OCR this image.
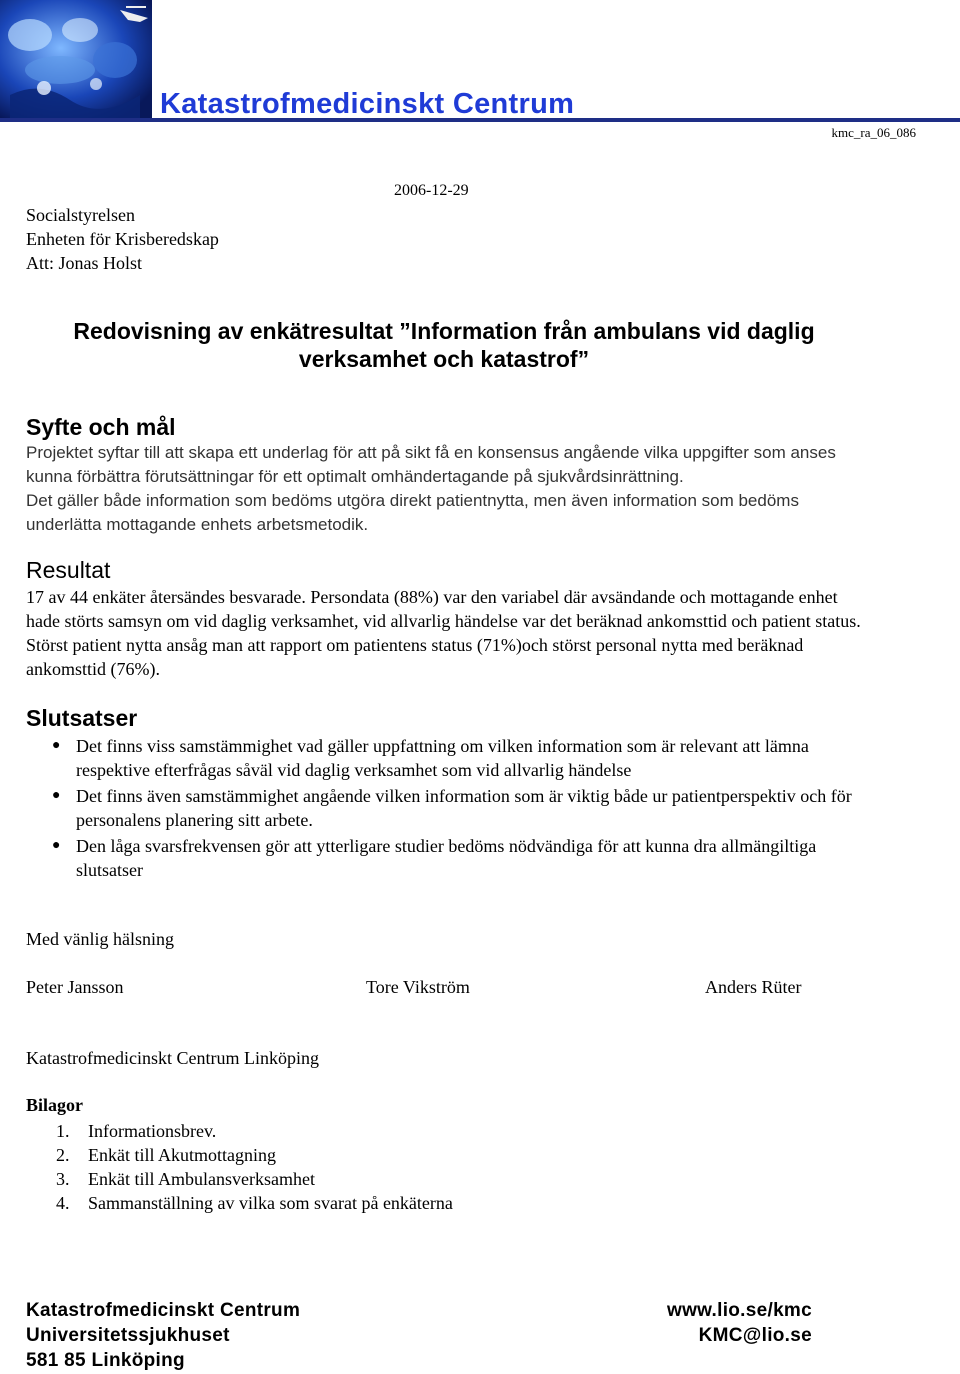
Katastrofmedicinskt Centrum
kmc_ra_06_086
2006-12-29
Socialstyrelsen
Enheten för Krisberedskap
Att: Jonas Holst
Redovisning av enkätresultat ”Information från ambulans vid daglig
verksamhet och katastrof”
Syfte och mål
Projektet syftar till att skapa ett underlag för att på sikt få en konsensus angående vilka uppgifter som anses kunna förbättra förutsättningar för ett optimalt omhändertagande på sjukvårdsinrättning.
Det gäller både information som bedöms utgöra direkt patientnytta, men även information som bedöms underlätta mottagande enhets arbetsmetodik.
Resultat
17 av 44 enkäter återsändes besvarade. Persondata (88%) var den variabel där avsändande och mottagande enhet hade störts samsyn om vid daglig verksamhet, vid allvarlig händelse var det beräknad ankomsttid och patient status. Störst patient nytta ansåg man att rapport om patientens status (71%)och störst personal nytta med beräknad ankomsttid (76%).
Slutsatser
● Det finns viss samstämmighet vad gäller uppfattning om vilken information som är relevant att lämna respektive efterfrågas såväl vid daglig verksamhet som vid allvarlig händelse
● Det finns även samstämmighet angående vilken information som är viktig både ur patientperspektiv och för personalens planering sitt arbete.
● Den låga svarsfrekvensen gör att ytterligare studier bedöms nödvändiga för att kunna dra allmängiltiga slutsatser
Med vänlig hälsning
Peter Jansson	Tore Vikström	Anders Rüter
Katastrofmedicinskt Centrum Linköping
Bilagor
1. Informationsbrev.
2. Enkät till Akutmottagning
3. Enkät till Ambulansverksamhet
4. Sammanställning av vilka som svarat på enkäterna
Katastrofmedicinskt Centrum
Universitetssjukhuset
581 85 Linköping
www.lio.se/kmc
KMC@lio.se
